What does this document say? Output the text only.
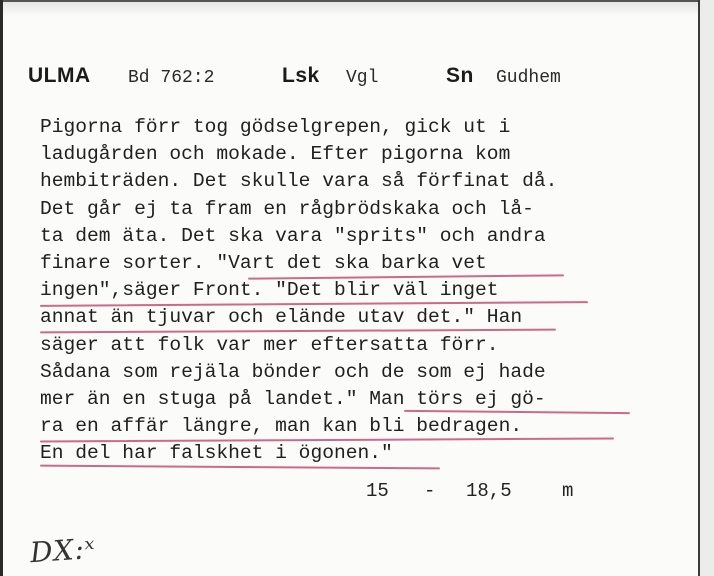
ULMA Bd 762:2	Lsk Vgl	Sn Gudhem
Pigorna förr tog gödselgrepen, gick ut i
ladugården och mokade. Efter pigorna kom
hembiträden. Det skulle vara så förfinat då.
Det går ej ta fram en rågbrödskaka och lå-
ta dem äta. Det ska vara "sprits" och andra
finare sorter. "Vart det ska barka vet
ingen",säger Front. "Det blir väl inget
annat än tjuvar och elände utav det." Han
säger att folk var mer eftersatta förr.
Sådana som rejäla bönder och de som ej hade
mer än en stuga på landet." Man törs ej gö-
ra en affär längre, man kan bli bedragen.
En del har falskhet i ögonen."
15 - 18,5	m
DX:ˣ
